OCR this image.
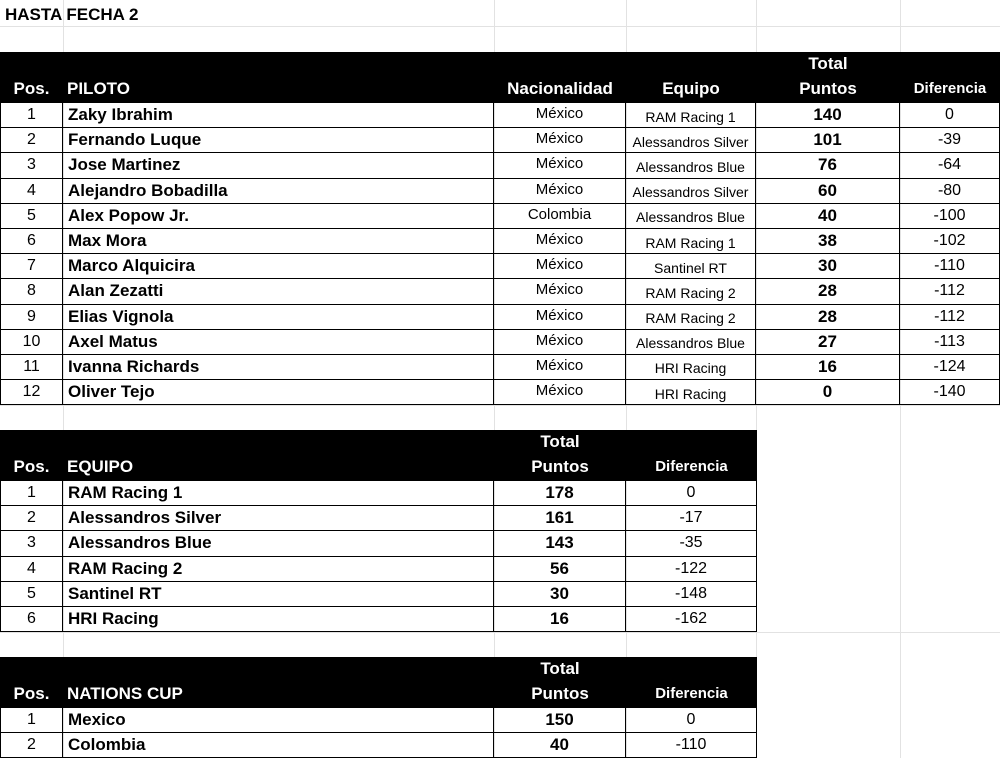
HASTA FECHA 2
Pos. PILOTO	Nacionalidad	Equipo
Total
Puntos	Diferencia
1	Zaky Ibrahim	México	RAM Racing 1	140	0
2	Fernando Luque	México	Alessandros Silver	101	-39
3	Jose Martinez	México	Alessandros Blue	76	-64
4	Alejandro Bobadilla	México	Alessandros Silver	60	-80
5	Alex Popow Jr.	Colombia	Alessandros Blue	40	-100
6	Max Mora	México	RAM Racing 1	38	-102
7	Marco Alquicira	México	Santinel RT	30	-110
8	Alan Zezatti	México	RAM Racing 2	28	-112
9	Elias Vignola	México	RAM Racing 2	28	-112
10	Axel Matus	México	Alessandros Blue	27	-113
11	Ivanna Richards	México	HRI Racing	16	-124
12	Oliver Tejo	México	HRI Racing	0	-140
Pos. EQUIPO
Total
Puntos	Diferencia
1	RAM Racing 1	178	0
2	Alessandros Silver	161	-17
3	Alessandros Blue	143	-35
4	RAM Racing 2	56	-122
5	Santinel RT	30	-148
6	HRI Racing	16	-162
Pos. NATIONS CUP
Total
Puntos	Diferencia
1	Mexico	150	0
2	Colombia	40	-110
